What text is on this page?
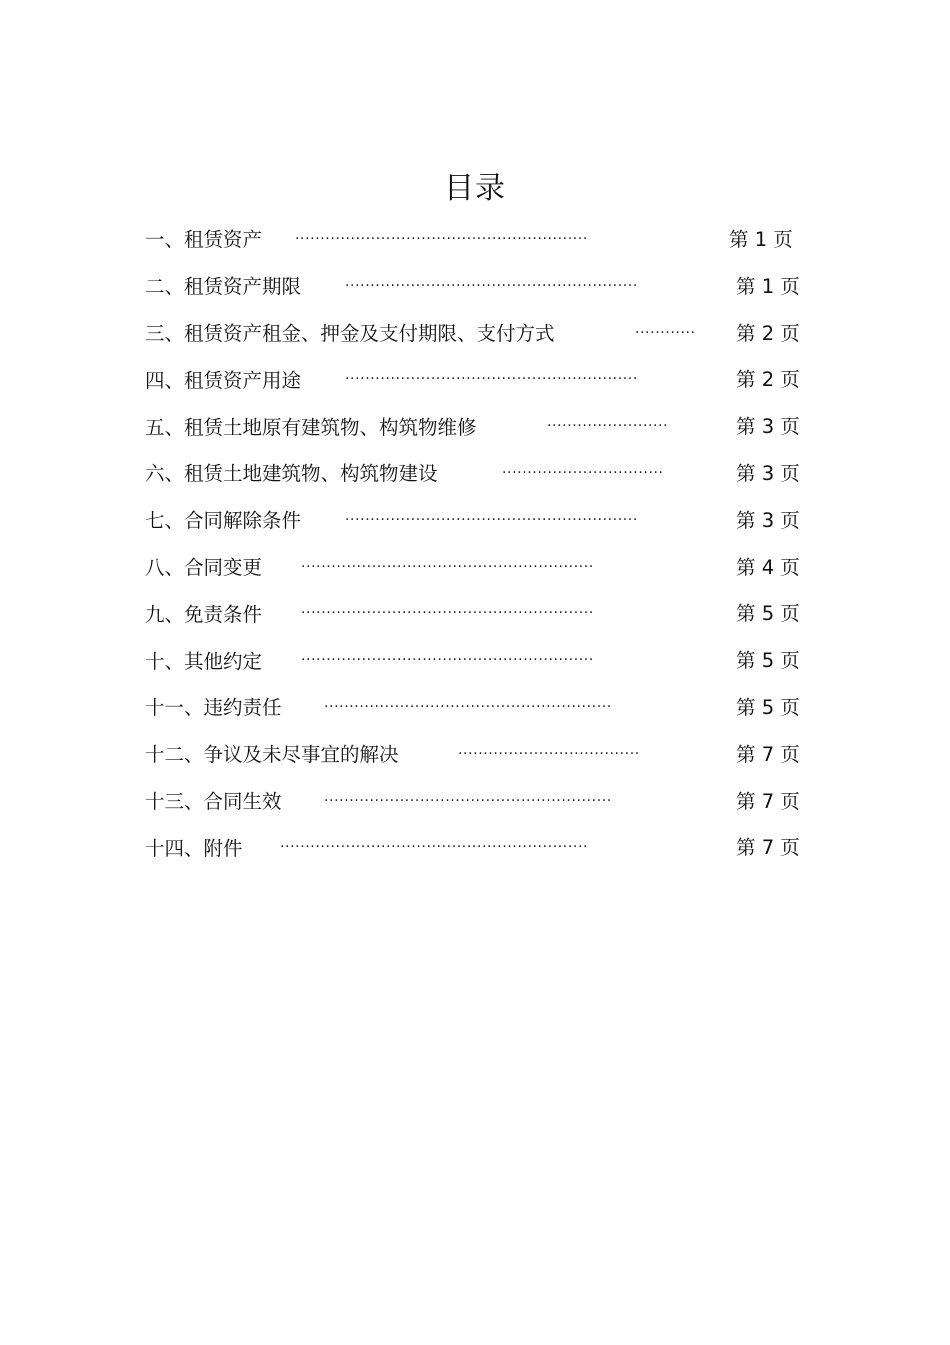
目录
一、租赁资产 ··························································	第 1 页
二、租赁资产期限	··························································	第 1 页
三、租赁资产租金、押金及支付期限、支付方式	············	第 2 页
四、租赁资产用途	··························································	第 2 页
五、租赁土地原有建筑物、构筑物维修	························	第 3 页
六、租赁土地建筑物、构筑物建设	································	第 3 页
七、合同解除条件	··························································	第 3 页
八、合同变更	··························································	第 4 页
九、免责条件	··························································	第 5 页
十、其他约定	··························································	第 5 页
十一、违约责任	·························································	第 5 页
十二、争议及未尽事宜的解决	····································	第 7 页
十三、合同生效	·························································	第 7 页
十四、附件	·····························································	第 7 页
